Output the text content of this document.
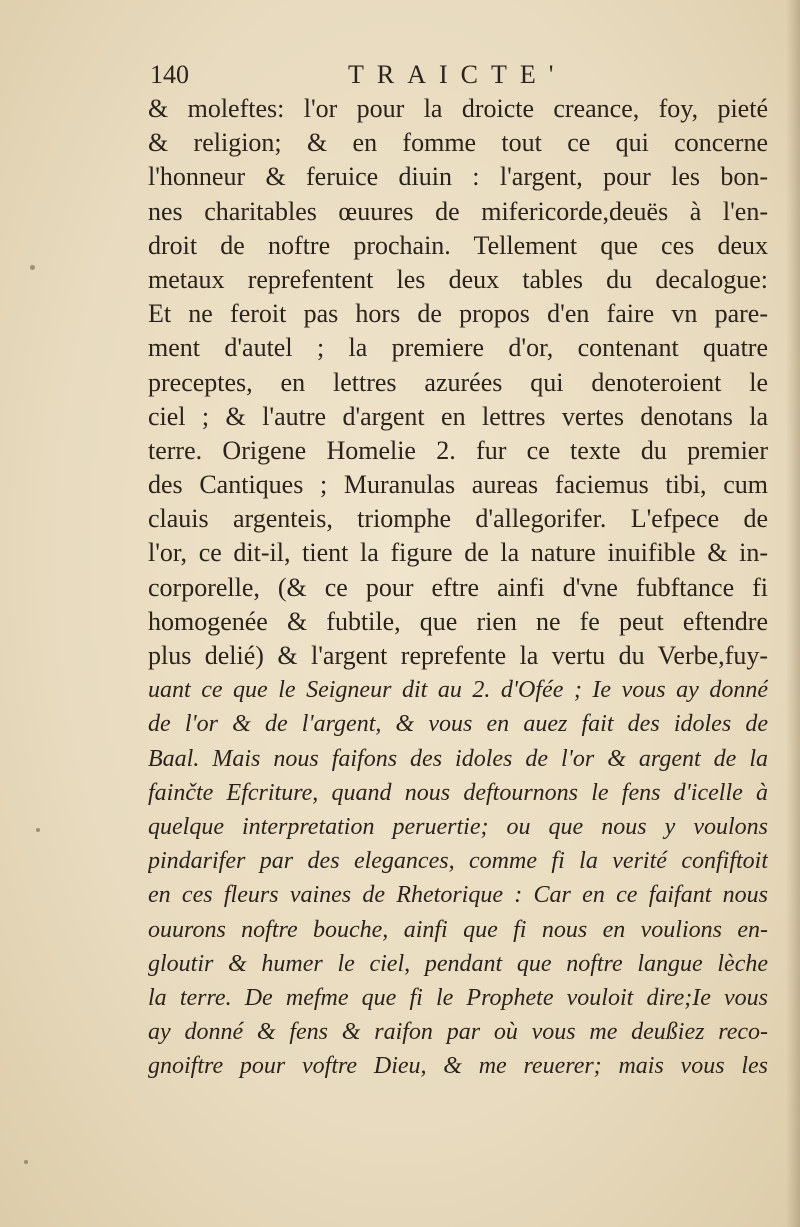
140	TRAICTE'
& moleftes: l'or pour la droicte creance, foy, pieté
& religion; & en fomme tout ce qui concerne
l'honneur & feruice diuin : l'argent, pour les bon-
nes charitables œuures de mifericorde,deuës à l'en-
droit de noftre prochain. Tellement que ces deux
metaux reprefentent les deux tables du decalogue:
Et ne feroit pas hors de propos d'en faire vn pare-
ment d'autel ; la premiere d'or, contenant quatre
preceptes, en lettres azurées qui denoteroient le
ciel ; & l'autre d'argent en lettres vertes denotans la
terre. Origene Homelie 2. fur ce texte du premier
des Cantiques ; Muranulas aureas faciemus tibi, cum
clauis argenteis, triomphe d'allegorifer. L'efpece de
l'or, ce dit-il, tient la figure de la nature inuifible & in-
corporelle, (& ce pour eftre ainfi d'vne fubftance fi
homogenée & fubtile, que rien ne fe peut eftendre
plus delié) & l'argent reprefente la vertu du Verbe,fuy-
uant ce que le Seigneur dit au 2. d'Ofée ; Ie vous ay donné
de l'or & de l'argent, & vous en auez fait des idoles de
Baal. Mais nous faifons des idoles de l'or & argent de la
fainčte Efcriture, quand nous deftournons le fens d'icelle à
quelque interpretation peruertie; ou que nous y voulons
pindarifer par des elegances, comme fi la verité confiftoit
en ces fleurs vaines de Rhetorique : Car en ce faifant nous
ouurons noftre bouche, ainfi que fi nous en voulions en-
gloutir & humer le ciel, pendant que noftre langue lèche
la terre. De mefme que fi le Prophete vouloit dire;Ie vous
ay donné & fens & raifon par où vous me deußiez reco-
gnoiftre pour voftre Dieu, & me reuerer; mais vous les
